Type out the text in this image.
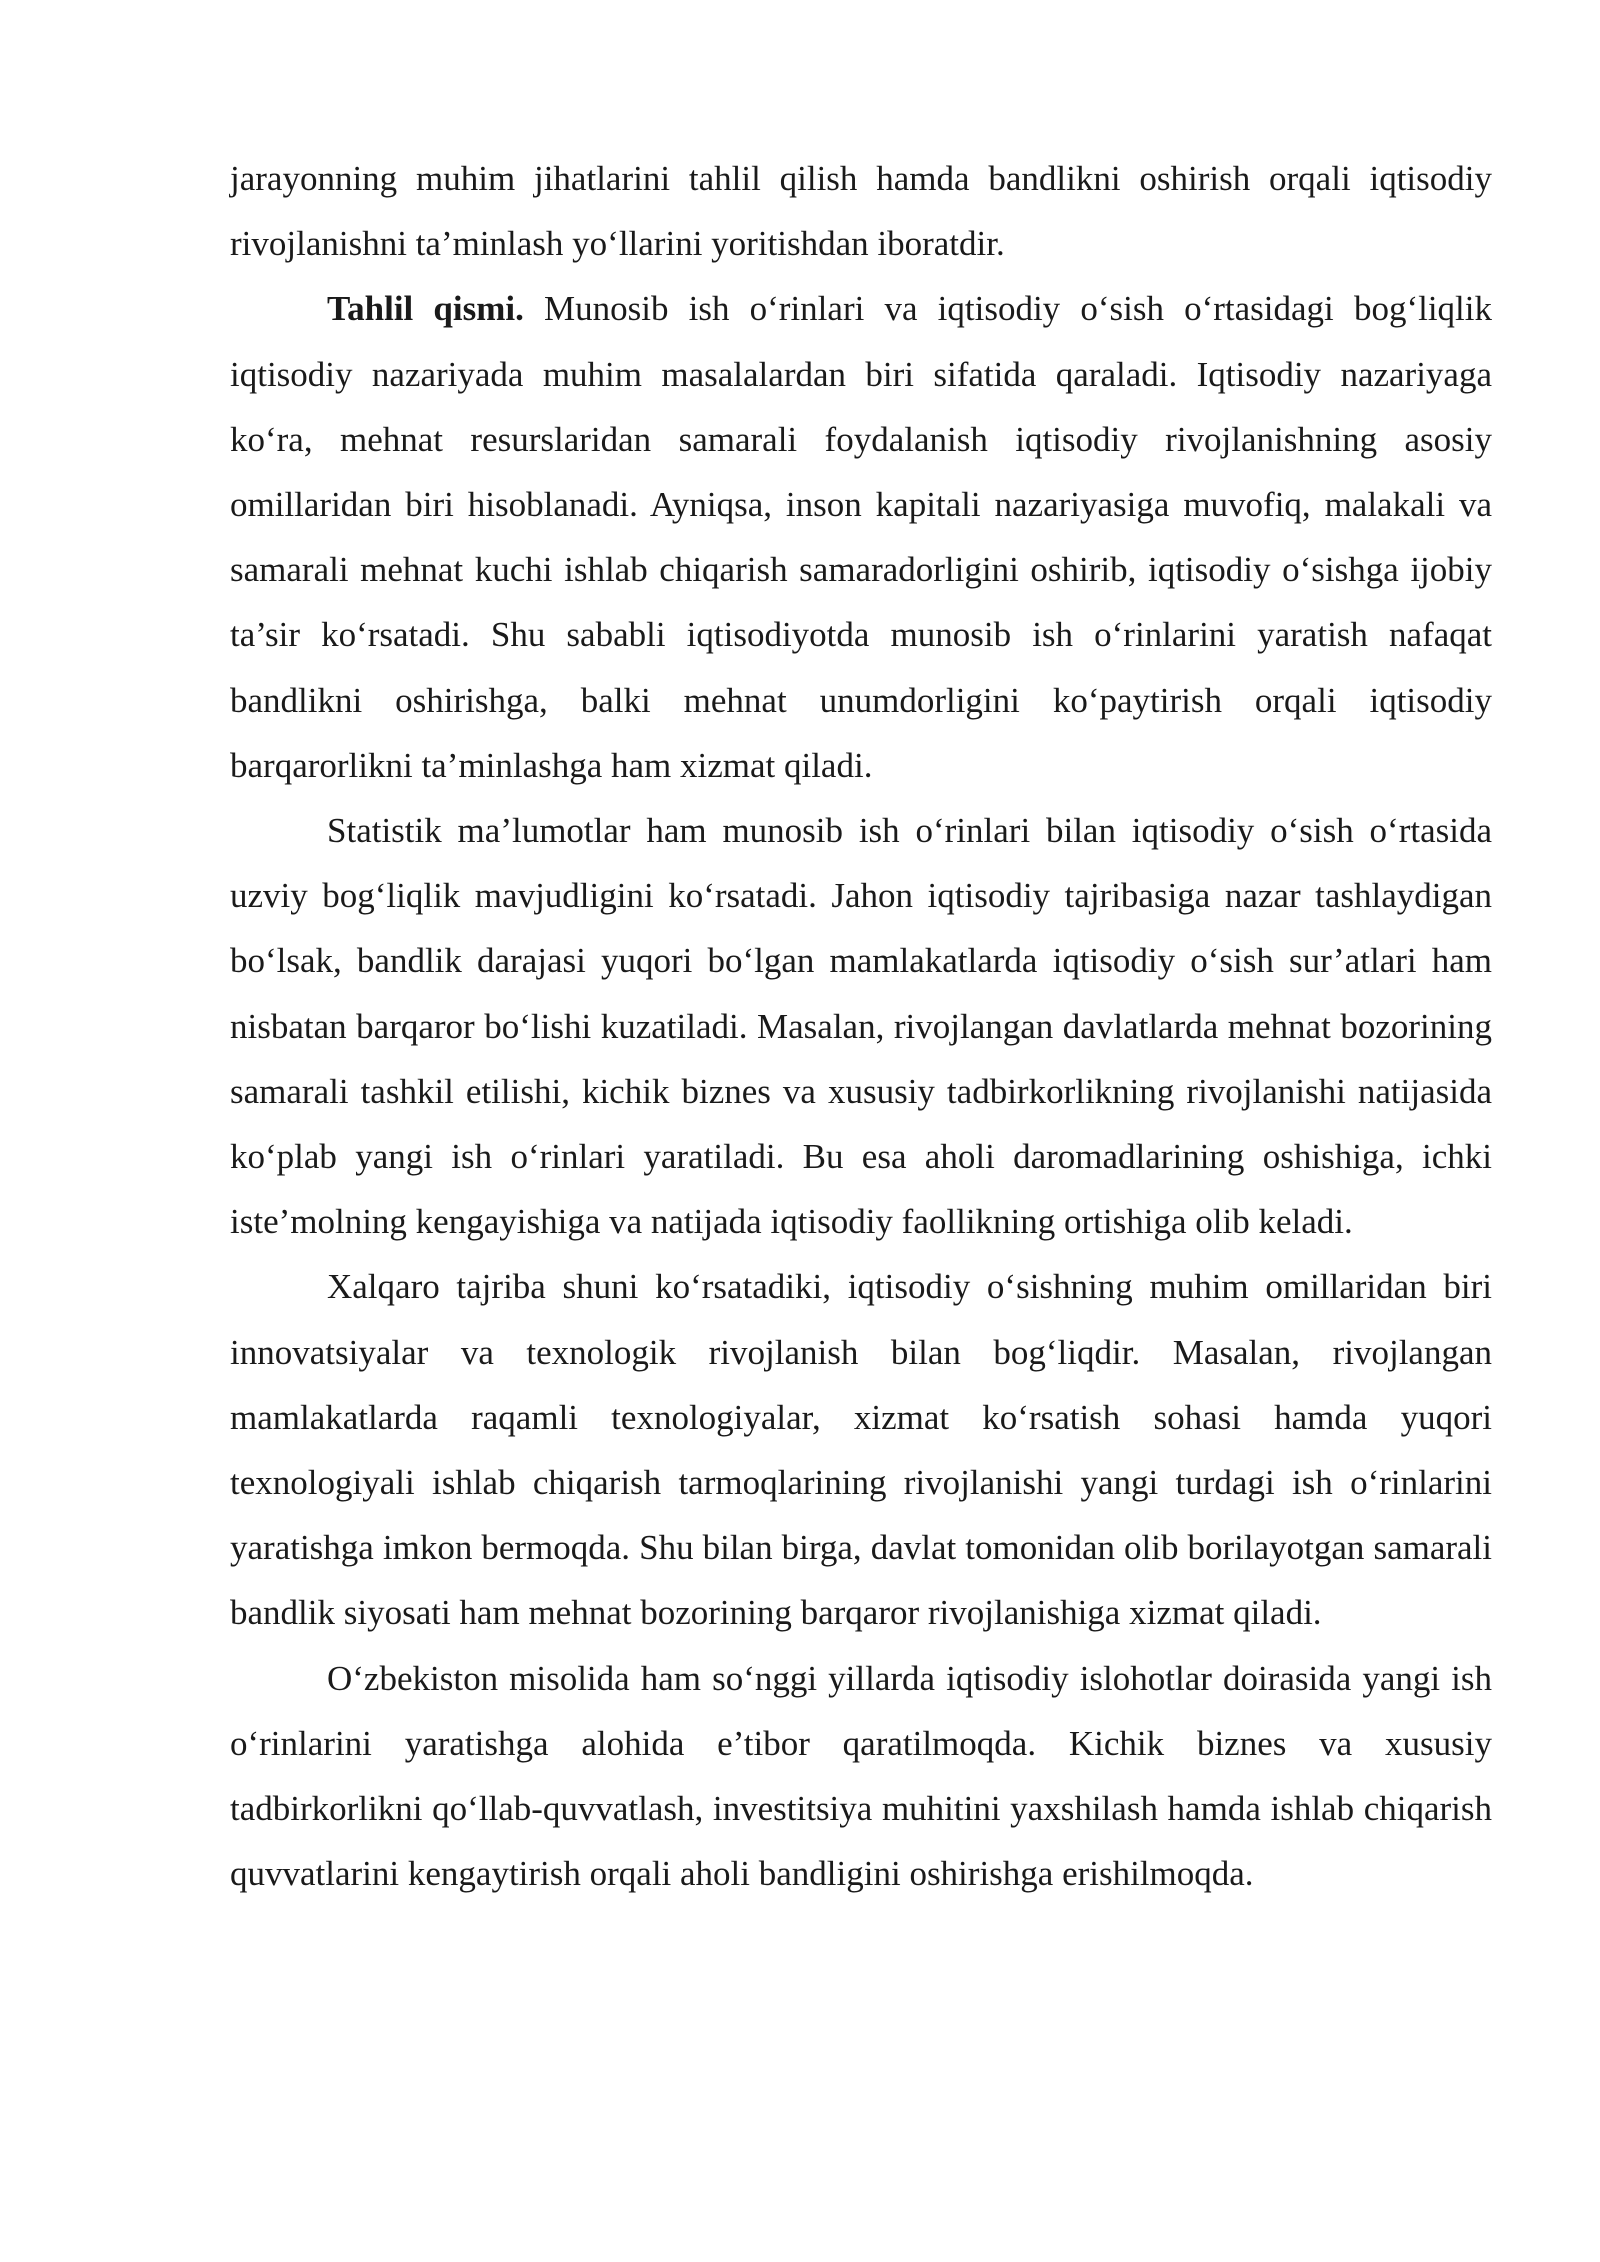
jarayonning muhim jihatlarini tahlil qilish hamda bandlikni oshirish orqali iqtisodiy rivojlanishni ta’minlash yo‘llarini yoritishdan iboratdir.

Tahlil qismi. Munosib ish o‘rinlari va iqtisodiy o‘sish o‘rtasidagi bog‘liqlik iqtisodiy nazariyada muhim masalalardan biri sifatida qaraladi. Iqtisodiy nazariyaga ko‘ra, mehnat resurslaridan samarali foydalanish iqtisodiy rivojlanishning asosiy omillaridan biri hisoblanadi. Ayniqsa, inson kapitali nazariyasiga muvofiq, malakali va samarali mehnat kuchi ishlab chiqarish samaradorligini oshirib, iqtisodiy o‘sishga ijobiy ta’sir ko‘rsatadi. Shu sababli iqtisodiyotda munosib ish o‘rinlarini yaratish nafaqat bandlikni oshirishga, balki mehnat unumdorligini ko‘paytirish orqali iqtisodiy barqarorlikni ta’minlashga ham xizmat qiladi.

Statistik ma’lumotlar ham munosib ish o‘rinlari bilan iqtisodiy o‘sish o‘rtasida uzviy bog‘liqlik mavjudligini ko‘rsatadi. Jahon iqtisodiy tajribasiga nazar tashlaydigan bo‘lsak, bandlik darajasi yuqori bo‘lgan mamlakatlarda iqtisodiy o‘sish sur’atlari ham nisbatan barqaror bo‘lishi kuzatiladi. Masalan, rivojlangan davlatlarda mehnat bozorining samarali tashkil etilishi, kichik biznes va xususiy tadbirkorlikning rivojlanishi natijasida ko‘plab yangi ish o‘rinlari yaratiladi. Bu esa aholi daromadlarining oshishiga, ichki iste’molning kengayishiga va natijada iqtisodiy faollikning ortishiga olib keladi.

Xalqaro tajriba shuni ko‘rsatadiki, iqtisodiy o‘sishning muhim omillaridan biri innovatsiyalar va texnologik rivojlanish bilan bog‘liqdir. Masalan, rivojlangan mamlakatlarda raqamli texnologiyalar, xizmat ko‘rsatish sohasi hamda yuqori texnologiyali ishlab chiqarish tarmoqlarining rivojlanishi yangi turdagi ish o‘rinlarini yaratishga imkon bermoqda. Shu bilan birga, davlat tomonidan olib borilayotgan samarali bandlik siyosati ham mehnat bozorining barqaror rivojlanishiga xizmat qiladi.

O‘zbekiston misolida ham so‘nggi yillarda iqtisodiy islohotlar doirasida yangi ish o‘rinlarini yaratishga alohida e’tibor qaratilmoqda. Kichik biznes va xususiy tadbirkorlikni qo‘llab-quvvatlash, investitsiya muhitini yaxshilash hamda ishlab chiqarish quvvatlarini kengaytirish orqali aholi bandligini oshirishga erishilmoqda.
